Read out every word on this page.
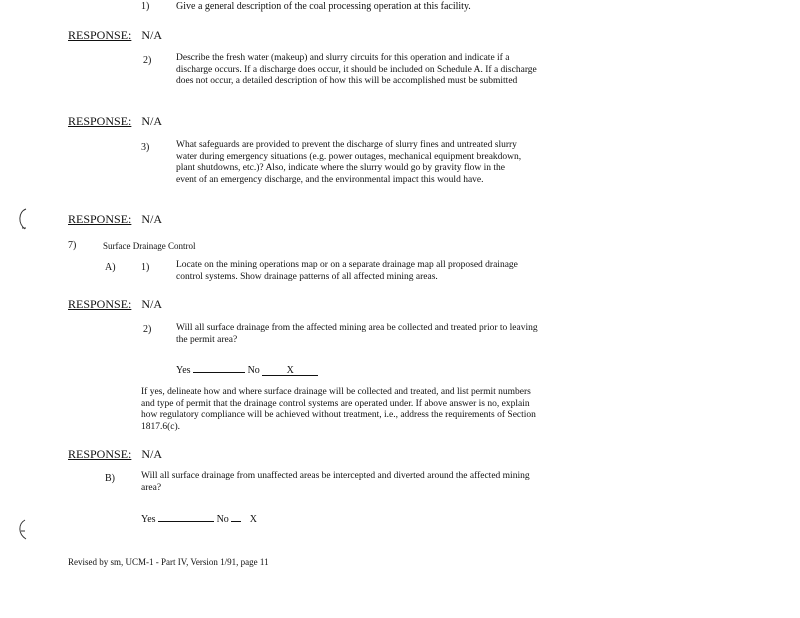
1)	Give a general description of the coal processing operation at this facility.
RESPONSE: N/A
2)	Describe the fresh water (makeup) and slurry circuits for this operation and indicate if a discharge occurs. If a discharge does occur, it should be included on Schedule A. If a discharge does not occur, a detailed description of how this will be accomplished must be submitted
RESPONSE: N/A
3)	What safeguards are provided to prevent the discharge of slurry fines and untreated slurry water during emergency situations (e.g. power outages, mechanical equipment breakdown, plant shutdowns, etc.)? Also, indicate where the slurry would go by gravity flow in the event of an emergency discharge, and the environmental impact this would have.
RESPONSE: N/A
7)	Surface Drainage Control
A)	1)	Locate on the mining operations map or on a separate drainage map all proposed drainage control systems. Show drainage patterns of all affected mining areas.
RESPONSE: N/A
2)	Will all surface drainage from the affected mining area be collected and treated prior to leaving the permit area?
Yes	No	X
If yes, delineate how and where surface drainage will be collected and treated, and list permit numbers and type of permit that the drainage control systems are operated under. If above answer is no, explain how regulatory compliance will be achieved without treatment, i.e., address the requirements of Section 1817.6(c).
RESPONSE: N/A
B)	Will all surface drainage from unaffected areas be intercepted and diverted around the affected mining area?
Yes	No X
Revised by sm, UCM-1 - Part IV, Version 1/91, page 11
